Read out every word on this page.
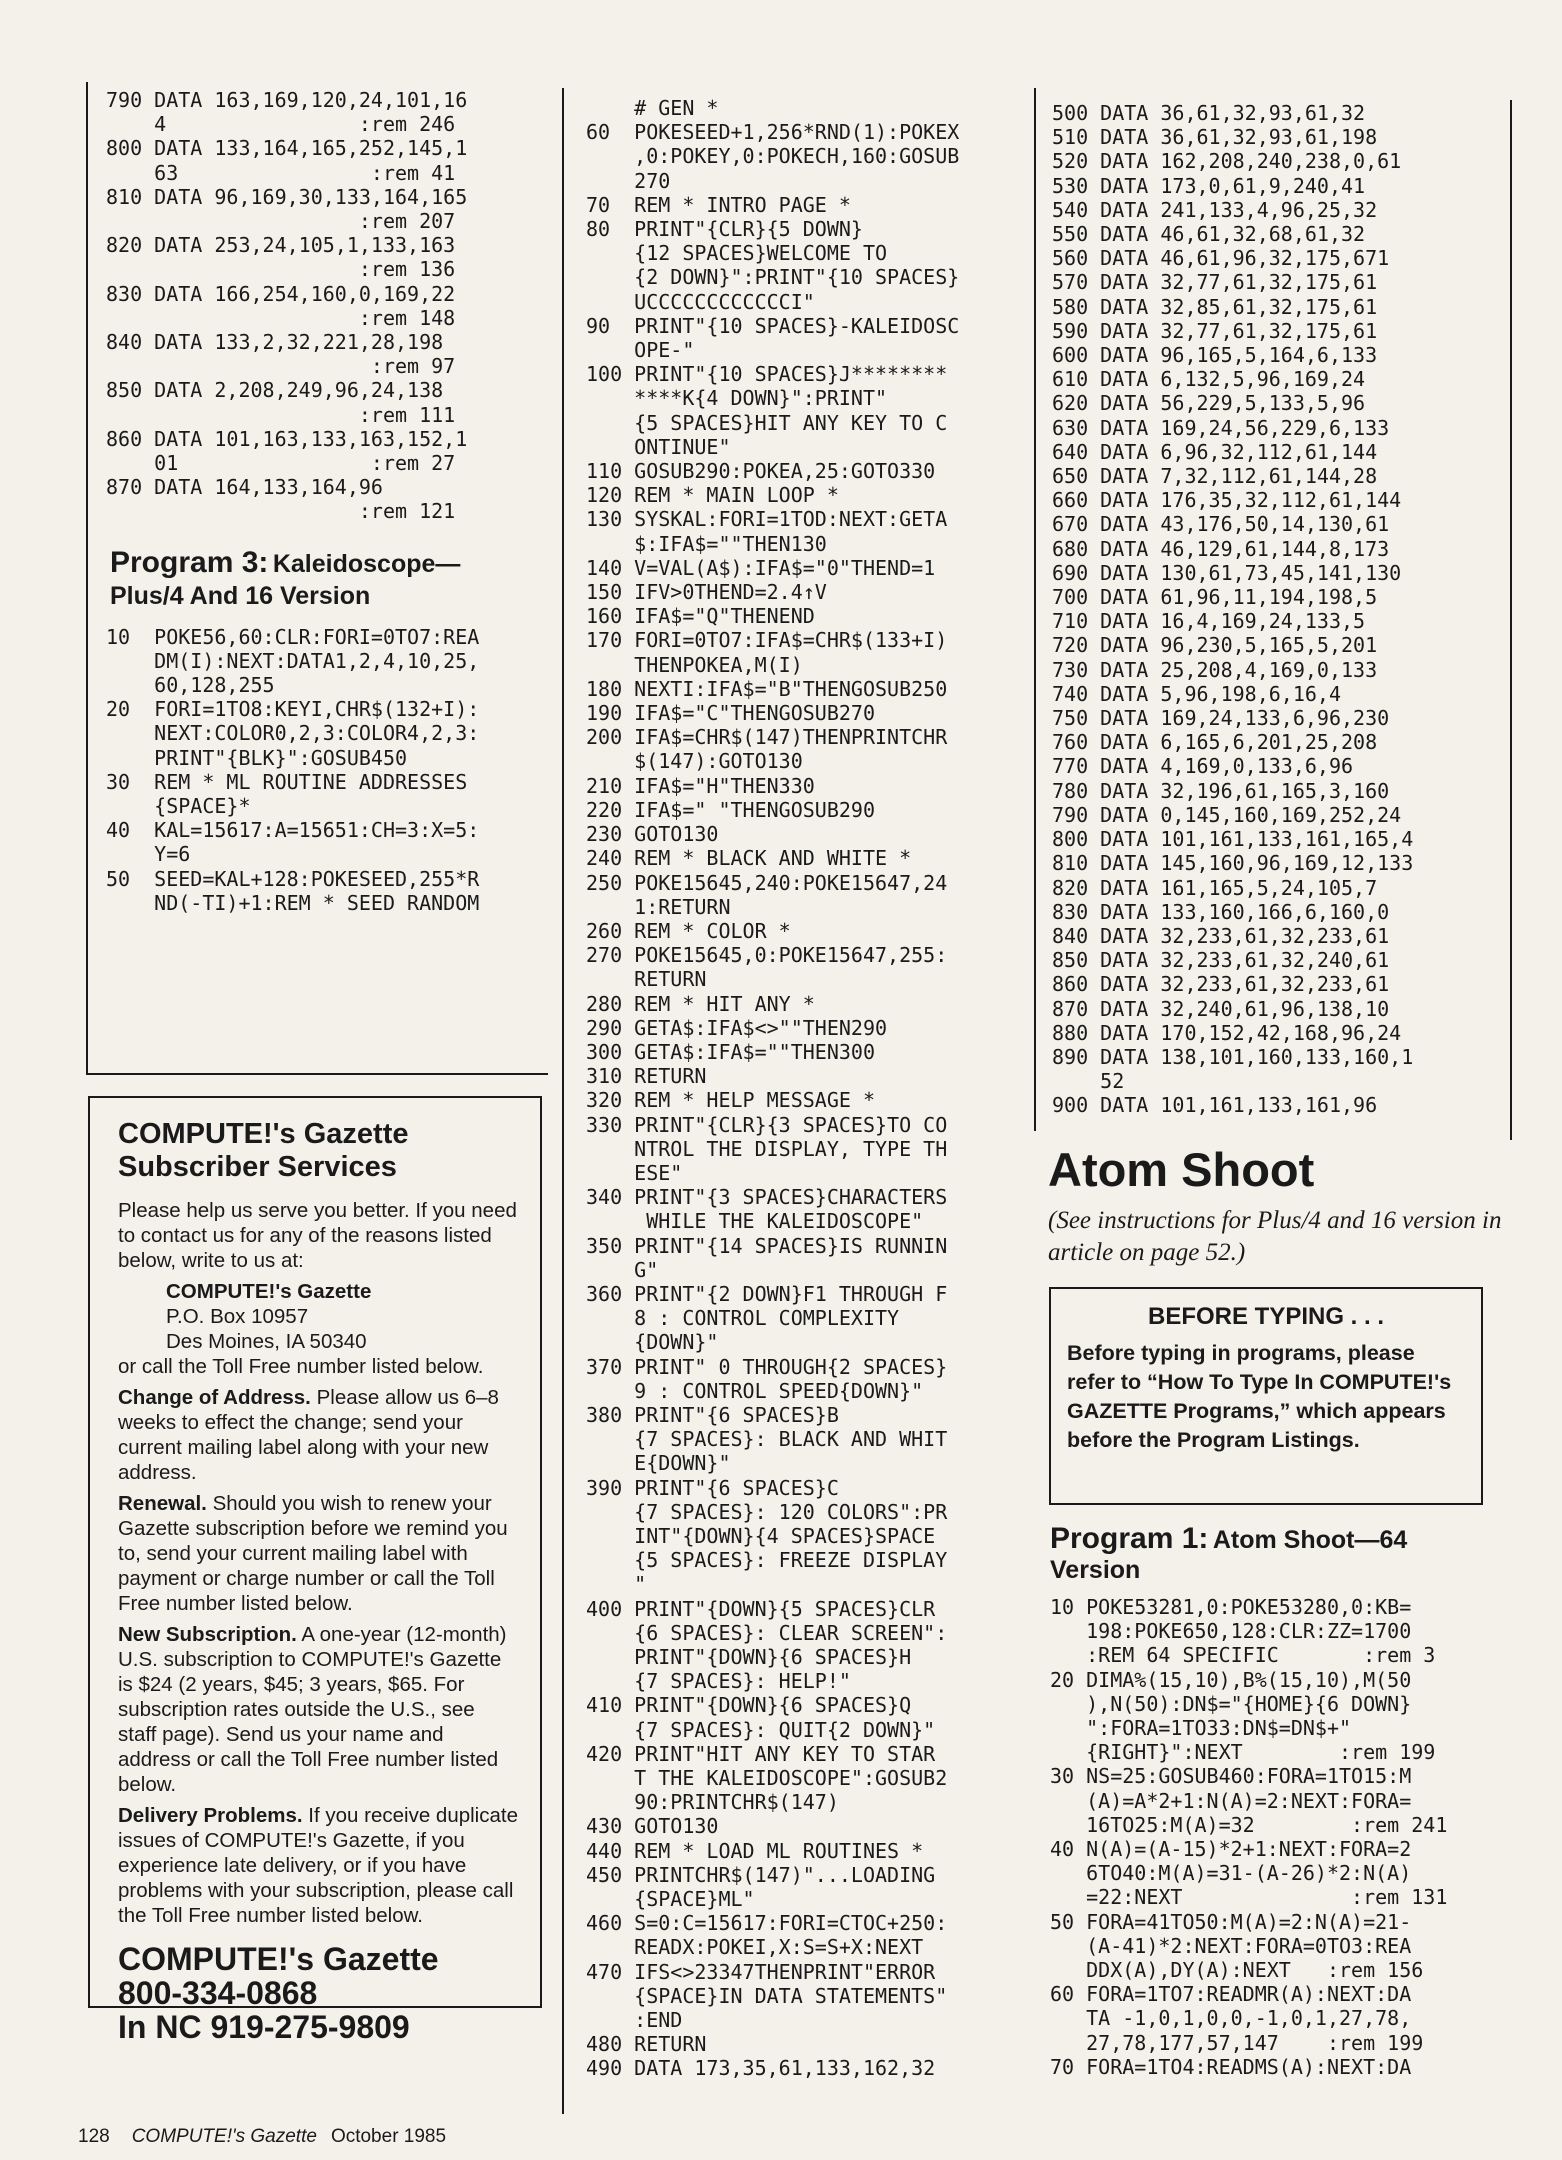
790 DATA 163,169,120,24,101,16
4                :rem 246
800 DATA 133,164,165,252,145,1
63                :rem 41
810 DATA 96,169,30,133,164,165
:rem 207
820 DATA 253,24,105,1,133,163
:rem 136
830 DATA 166,254,160,0,169,22
:rem 148
840 DATA 133,2,32,221,28,198
:rem 97
850 DATA 2,208,249,96,24,138
:rem 111
860 DATA 101,163,133,163,152,1
01                :rem 27
870 DATA 164,133,164,96
:rem 121
Program 3: Kaleidoscope—
Plus/4 And 16 Version
10  POKE56,60:CLR:FORI=0TO7:REA
DM(I):NEXT:DATA1,2,4,10,25,
60,128,255
20  FORI=1TO8:KEYI,CHR$(132+I):
NEXT:COLOR0,2,3:COLOR4,2,3:
PRINT"{BLK}":GOSUB450
30  REM * ML ROUTINE ADDRESSES
{SPACE}*
40  KAL=15617:A=15651:CH=3:X=5:
Y=6
50  SEED=KAL+128:POKESEED,255*R
ND(-TI)+1:REM * SEED RANDOM
COMPUTE!'s Gazette
Subscriber Services

Please help us serve you better. If you need to contact us for any of the reasons listed below, write to us at:

COMPUTE!'s Gazette
P.O. Box 10957
Des Moines, IA 50340

or call the Toll Free number listed below.

Change of Address. Please allow us 6–8 weeks to effect the change; send your current mailing label along with your new address.

Renewal. Should you wish to renew your Gazette subscription before we remind you to, send your current mailing label with payment or charge number or call the Toll Free number listed below.

New Subscription. A one-year (12-month) U.S. subscription to COMPUTE!'s Gazette is $24 (2 years, $45; 3 years, $65. For subscription rates outside the U.S., see staff page). Send us your name and address or call the Toll Free number listed below.

Delivery Problems. If you receive duplicate issues of COMPUTE!'s Gazette, if you experience late delivery, or if you have problems with your subscription, please call the Toll Free number listed below.

COMPUTE!'s Gazette
800-334-0868
In NC 919-275-9809
# GEN *
60  POKESEED+1,256*RND(1):POKEX
,0:POKEY,0:POKECH,160:GOSUB
270
70  REM * INTRO PAGE *
80  PRINT"{CLR}{5 DOWN}
{12 SPACES}WELCOME TO
{2 DOWN}":PRINT"{10 SPACES}
UCCCCCCCCCCCCI"
90  PRINT"{10 SPACES}-KALEIDOSC
OPE-"
100 PRINT"{10 SPACES}J********
****K{4 DOWN}":PRINT"
{5 SPACES}HIT ANY KEY TO C
ONTINUE"
110 GOSUB290:POKEA,25:GOTO330
120 REM * MAIN LOOP *
130 SYSKAL:FORI=1TOD:NEXT:GETA
$:IFA$=""THEN130
140 V=VAL(A$):IFA$="0"THEND=1
150 IFV>0THEND=2.4↑V
160 IFA$="Q"THENEND
170 FORI=0TO7:IFA$=CHR$(133+I)
THENPOKEA,M(I)
180 NEXTI:IFA$="B"THENGOSUB250
190 IFA$="C"THENGOSUB270
200 IFA$=CHR$(147)THENPRINTCHR
$(147):GOTO130
210 IFA$="H"THEN330
220 IFA$=" "THENGOSUB290
230 GOTO130
240 REM * BLACK AND WHITE *
250 POKE15645,240:POKE15647,24
1:RETURN
260 REM * COLOR *
270 POKE15645,0:POKE15647,255:
RETURN
280 REM * HIT ANY *
290 GETA$:IFA$<>""THEN290
300 GETA$:IFA$=""THEN300
310 RETURN
320 REM * HELP MESSAGE *
330 PRINT"{CLR}{3 SPACES}TO CO
NTROL THE DISPLAY, TYPE TH
ESE"
340 PRINT"{3 SPACES}CHARACTERS
WHILE THE KALEIDOSCOPE"
350 PRINT"{14 SPACES}IS RUNNIN
G"
360 PRINT"{2 DOWN}F1 THROUGH F
8 : CONTROL COMPLEXITY
{DOWN}"
370 PRINT" 0 THROUGH{2 SPACES}
9 : CONTROL SPEED{DOWN}"
380 PRINT"{6 SPACES}B
{7 SPACES}: BLACK AND WHIT
E{DOWN}"
390 PRINT"{6 SPACES}C
{7 SPACES}: 120 COLORS":PR
INT"{DOWN}{4 SPACES}SPACE
{5 SPACES}: FREEZE DISPLAY
"
400 PRINT"{DOWN}{5 SPACES}CLR
{6 SPACES}: CLEAR SCREEN":
PRINT"{DOWN}{6 SPACES}H
{7 SPACES}: HELP!"
410 PRINT"{DOWN}{6 SPACES}Q
{7 SPACES}: QUIT{2 DOWN}"
420 PRINT"HIT ANY KEY TO STAR
T THE KALEIDOSCOPE":GOSUB2
90:PRINTCHR$(147)
430 GOTO130
440 REM * LOAD ML ROUTINES *
450 PRINTCHR$(147)"...LOADING
{SPACE}ML"
460 S=0:C=15617:FORI=CTOC+250:
READX:POKEI,X:S=S+X:NEXT
470 IFS<>23347THENPRINT"ERROR
{SPACE}IN DATA STATEMENTS"
:END
480 RETURN
490 DATA 173,35,61,133,162,32
500 DATA 36,61,32,93,61,32
510 DATA 36,61,32,93,61,198
520 DATA 162,208,240,238,0,61
530 DATA 173,0,61,9,240,41
540 DATA 241,133,4,96,25,32
550 DATA 46,61,32,68,61,32
560 DATA 46,61,96,32,175,671
570 DATA 32,77,61,32,175,61
580 DATA 32,85,61,32,175,61
590 DATA 32,77,61,32,175,61
600 DATA 96,165,5,164,6,133
610 DATA 6,132,5,96,169,24
620 DATA 56,229,5,133,5,96
630 DATA 169,24,56,229,6,133
640 DATA 6,96,32,112,61,144
650 DATA 7,32,112,61,144,28
660 DATA 176,35,32,112,61,144
670 DATA 43,176,50,14,130,61
680 DATA 46,129,61,144,8,173
690 DATA 130,61,73,45,141,130
700 DATA 61,96,11,194,198,5
710 DATA 16,4,169,24,133,5
720 DATA 96,230,5,165,5,201
730 DATA 25,208,4,169,0,133
740 DATA 5,96,198,6,16,4
750 DATA 169,24,133,6,96,230
760 DATA 6,165,6,201,25,208
770 DATA 4,169,0,133,6,96
780 DATA 32,196,61,165,3,160
790 DATA 0,145,160,169,252,24
800 DATA 101,161,133,161,165,4
810 DATA 145,160,96,169,12,133
820 DATA 161,165,5,24,105,7
830 DATA 133,160,166,6,160,0
840 DATA 32,233,61,32,233,61
850 DATA 32,233,61,32,240,61
860 DATA 32,233,61,32,233,61
870 DATA 32,240,61,96,138,10
880 DATA 170,152,42,168,96,24
890 DATA 138,101,160,133,160,1
52
900 DATA 101,161,133,161,96
Atom Shoot
(See instructions for Plus/4 and 16 version in article on page 52.)
BEFORE TYPING . . .
Before typing in programs, please refer to “How To Type In COMPUTE!'s GAZETTE Programs,” which appears before the Program Listings.
Program 1: Atom Shoot—64
Version
10 POKE53281,0:POKE53280,0:KB=
198:POKE650,128:CLR:ZZ=1700
:REM 64 SPECIFIC       :rem 3
20 DIMA%(15,10),B%(15,10),M(50
),N(50):DN$="{HOME}{6 DOWN}
":FORA=1TO33:DN$=DN$+"
{RIGHT}":NEXT        :rem 199
30 NS=25:GOSUB460:FORA=1TO15:M
(A)=A*2+1:N(A)=2:NEXT:FORA=
16TO25:M(A)=32        :rem 241
40 N(A)=(A-15)*2+1:NEXT:FORA=2
6TO40:M(A)=31-(A-26)*2:N(A)
=22:NEXT              :rem 131
50 FORA=41TO50:M(A)=2:N(A)=21-
(A-41)*2:NEXT:FORA=0TO3:REA
DDX(A),DY(A):NEXT   :rem 156
60 FORA=1TO7:READMR(A):NEXT:DA
TA -1,0,1,0,0,-1,0,1,27,78,
27,78,177,57,147    :rem 199
70 FORA=1TO4:READMS(A):NEXT:DA
128 COMPUTE!'s Gazette October 1985
